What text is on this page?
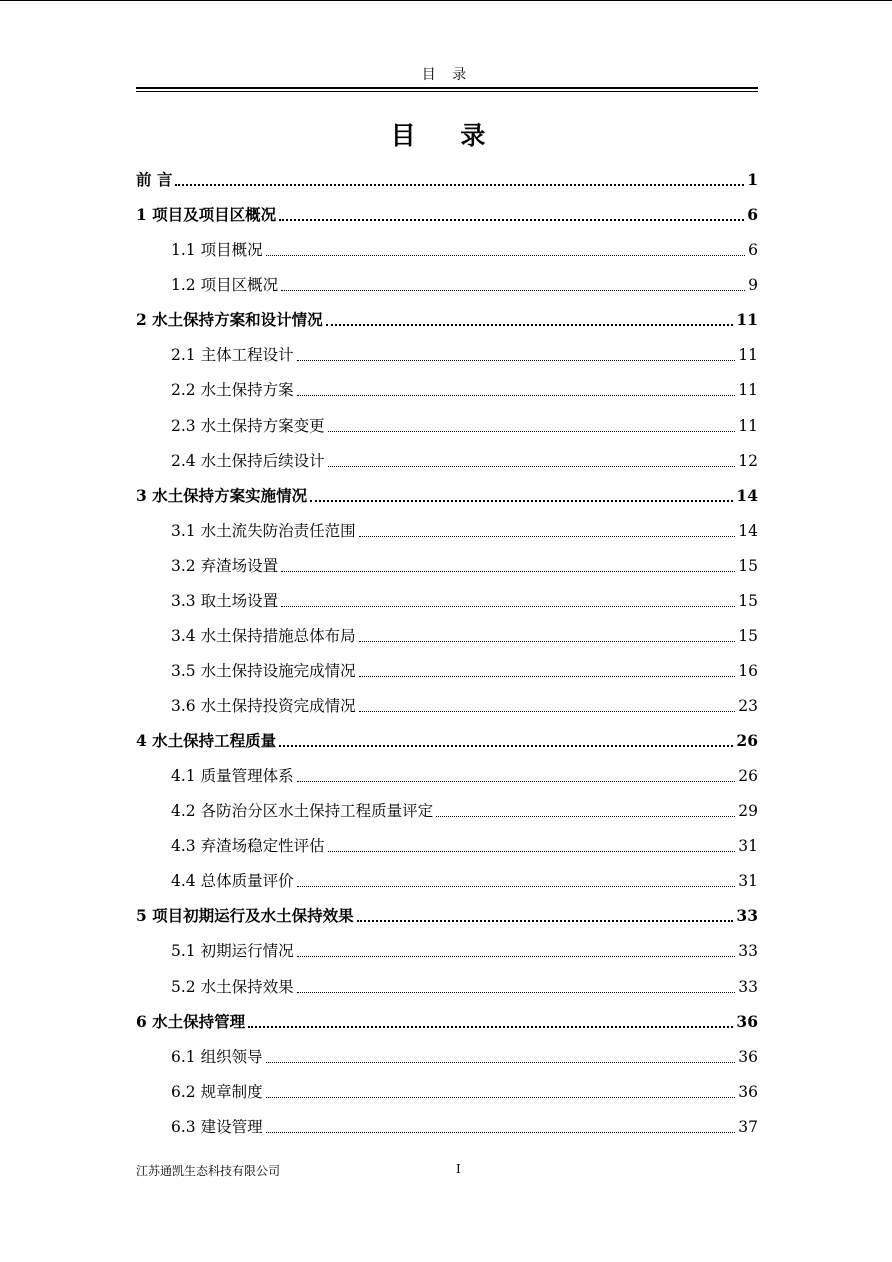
目 录
目 录
前 言	1
1 项目及项目区概况	6
1.1 项目概况	6
1.2 项目区概况	9
2 水土保持方案和设计情况	11
2.1 主体工程设计	11
2.2 水土保持方案	11
2.3 水土保持方案变更	11
2.4 水土保持后续设计	12
3 水土保持方案实施情况	14
3.1 水土流失防治责任范围	14
3.2 弃渣场设置	15
3.3 取土场设置	15
3.4 水土保持措施总体布局	15
3.5 水土保持设施完成情况	16
3.6 水土保持投资完成情况	23
4 水土保持工程质量	26
4.1 质量管理体系	26
4.2 各防治分区水土保持工程质量评定	29
4.3 弃渣场稳定性评估	31
4.4 总体质量评价	31
5 项目初期运行及水土保持效果	33
5.1 初期运行情况	33
5.2 水土保持效果	33
6 水土保持管理	36
6.1 组织领导	36
6.2 规章制度	36
6.3 建设管理	37
江苏通凯生态科技有限公司	I
